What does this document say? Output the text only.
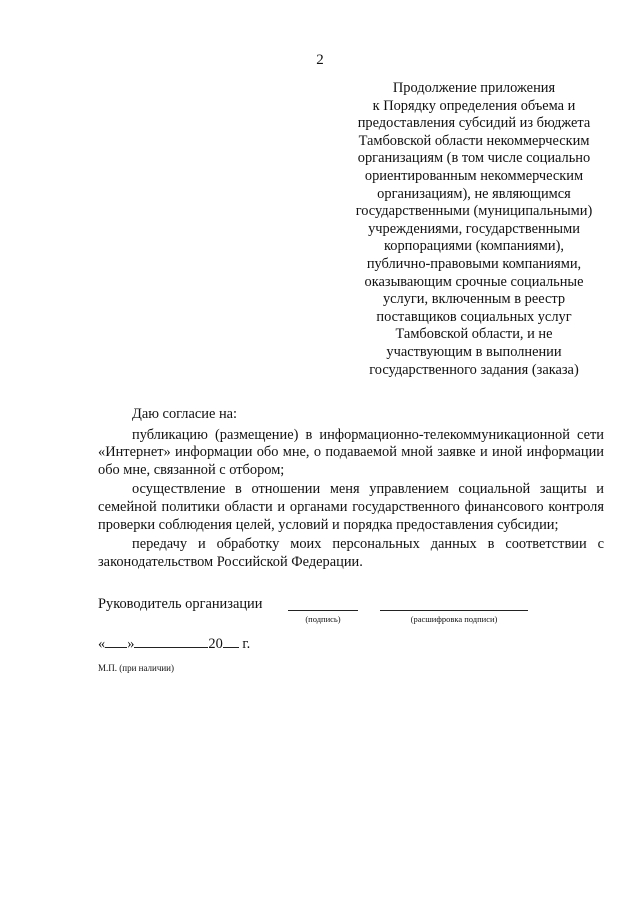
2
Продолжение приложения
к Порядку определения объема и
предоставления субсидий из бюджета
Тамбовской области некоммерческим
организациям (в том числе социально
ориентированным некоммерческим
организациям), не являющимся
государственными (муниципальными)
учреждениями, государственными
корпорациями (компаниями),
публично-правовыми компаниями,
оказывающим срочные социальные
услуги, включенным в реестр
поставщиков социальных услуг
Тамбовской области, и не
участвующим в выполнении
государственного задания (заказа)
Даю согласие на:
публикацию (размещение) в информационно-телекоммуникационной сети «Интернет» информации обо мне, о подаваемой мной заявке и иной информации обо мне, связанной с отбором;
осуществление в отношении меня управлением социальной защиты и семейной политики области и органами государственного финансового контроля проверки соблюдения целей, условий и порядка предоставления субсидии;
передачу и обработку моих персональных данных в соответствии с законодательством Российской Федерации.
Руководитель организации
(подпись)	(расшифровка подписи)
« »	20 г.
М.П. (при наличии)
